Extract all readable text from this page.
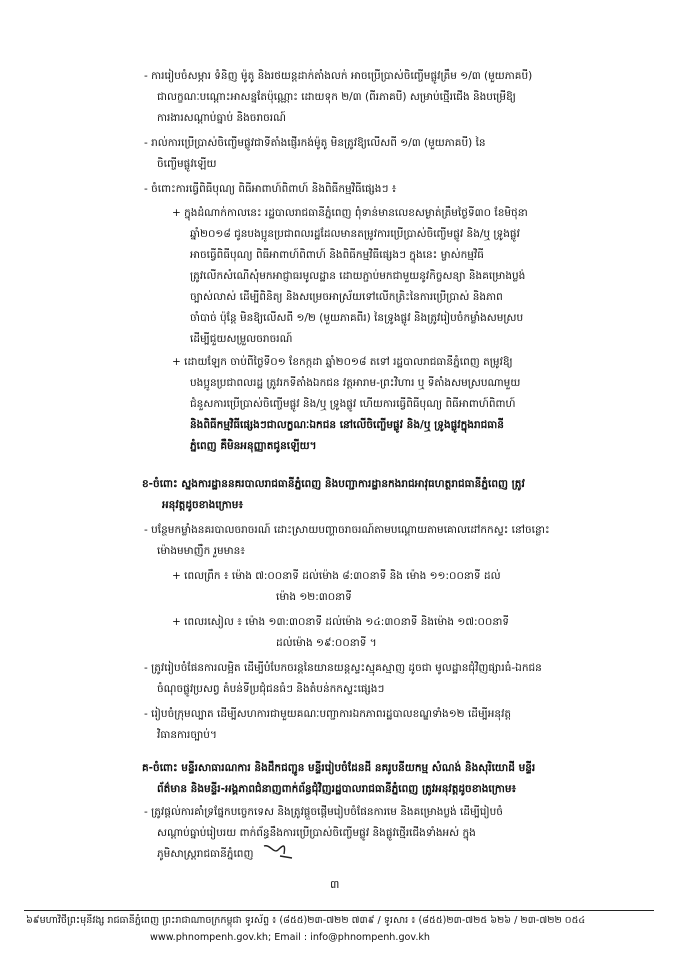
- ការរៀបចំសម្ភារ ទំនិញ ម៉ូតូ និងរថយន្តដាក់តាំងលក់ អាចប្រើប្រាស់ចិញ្ចើមផ្លូវត្រឹម ១/៣ (មួយភាគបី)
ជាលក្ខណៈបណ្ដោះអាសន្នតែប៉ុណ្ណោះ ដោយទុក ២/៣ (ពីរភាគបី) សម្រាប់ថ្មើរជើង និងបម្រើឱ្យ
ការងារសណ្ដាប់ធ្នាប់ និងចរាចរណ៍
- រាល់ការប្រើប្រាស់ចិញ្ចើមផ្លូវជាទីតាំងផ្ញើរកង់ម៉ូតូ មិនត្រូវឱ្យលើសពី ១/៣ (មួយភាគបី) នៃ
ចិញ្ចើមផ្លូវឡើយ
- ចំពោះការធ្វើពិធីបុណ្យ ពិធីអាពាហ៍ពិពាហ៍ និងពិធីកម្មវិធីផ្សេងៗ ៖
+ ក្នុងដំណាក់កាលនេះ រដ្ឋបាលរាជធានីភ្នំពេញ ពុំទាន់មានលេខសម្ងាត់ត្រឹមថ្ងៃទី៣០ ខែមិថុនា
ឆ្នាំ២០១៨ ជូនបងប្អូនប្រជាពលរដ្ឋដែលមានតម្រូវការប្រើប្រាស់ចិញ្ចើមផ្លូវ និង/ឬ ទ្រូងផ្លូវ
អាចធ្វើពិធីបុណ្យ ពិធីអាពាហ៍ពិពាហ៍ និងពិធីកម្មវិធីផ្សេងៗ ក្នុងនេះ ម្ចាស់កម្មវិធី
ត្រូវលើកសំណើសុំមកអាជ្ញាធរមូលដ្ឋាន ដោយភ្ជាប់មកជាមួយនូវកិច្ចសន្យា និងគម្រោងប្លង់
ច្បាស់លាស់ ដើម្បីពិនិត្យ និងសម្រេចអាស្រ័យទៅលើកត្រិះនៃការប្រើប្រាស់ និងភាព
ចាំបាច់ ប៉ុន្តែ មិនឱ្យលើសពី ១/២ (មួយភាគពីរ) នៃទ្រូងផ្លូវ និងត្រូវរៀបចំកម្លាំងសមស្រប
ដើម្បីជួយសម្រួលចរាចរណ៍
+ ដោយឡែក ចាប់ពីថ្ងៃទី០១ ខែកក្កដា ឆ្នាំ២០១៨ តទៅ រដ្ឋបាលរាជធានីភ្នំពេញ តម្រូវឱ្យ
បងប្អូនប្រជាពលរដ្ឋ ត្រូវរកទីតាំងឯកជន វត្តអារាម-ព្រះវិហារ ឬ ទីតាំងសមស្របណាមួយ
ជំនួសការប្រើប្រាស់ចិញ្ចើមផ្លូវ និង/ឬ ទ្រូងផ្លូវ ហើយការធ្វើពិធីបុណ្យ ពិធីអាពាហ៍ពិពាហ៍
និងពិធីកម្មវិធីផ្សេងៗជាលក្ខណៈឯកជន នៅលើចិញ្ចើមផ្លូវ និង/ឬ ទ្រូងផ្លូវក្នុងរាជធានី
ភ្នំពេញ គឺមិនអនុញ្ញាតជូនឡើយ។
ខ-ចំពោះ ស្នងការដ្ឋាននគរបាលរាជធានីភ្នំពេញ និងបញ្ជាការដ្ឋានកងរាជអាវុធហត្ថរាជធានីភ្នំពេញ ត្រូវ
អនុវត្តដូចខាងក្រោម៖
- បន្ថែមកម្លាំងនគរបាលចរាចរណ៍ ដោះស្រាយបញ្ហាចរាចរណ៍តាមបណ្ដោយតាមគោលដៅកកស្ទះ នៅចន្លោះ
ម៉ោងមមាញឹក រួមមាន៖
+ ពេលព្រឹក ៖ ម៉ោង ៧:០០នាទី ដល់ម៉ោង ៨:៣០នាទី និង ម៉ោង ១១:០០នាទី ដល់
ម៉ោង ១២:៣០នាទី
+ ពេលរសៀល ៖ ម៉ោង ១៣:៣០នាទី ដល់ម៉ោង ១៤:៣០នាទី និងម៉ោង ១៧:០០នាទី
ដល់ម៉ោង ១៩:០០នាទី ។
- ត្រូវរៀបចំផែនការលម្អិត ដើម្បីបំបែកចរន្តនៃយានយន្តស្ទះស្មុគស្មាញ ដូចជា មូលដ្ឋានជុំវិញផ្សារធំ-ឯកជន
ចំណុចផ្លូវប្រសព្វ តំបន់ទីប្រជុំជនធំៗ និងតំបន់កកស្ទះផ្សេងៗ
- រៀបចំក្រុមល្បាត ដើម្បីសហការជាមួយគណៈបញ្ជាការឯកភាពរដ្ឋបាលខណ្ឌទាំង១២ ដើម្បីអនុវត្ត
វិធានការច្បាប់។
គ-ចំពោះ មន្ទីរសាធារណការ និងដឹកជញ្ជូន មន្ទីររៀបចំដែនដី នគរូបនីយកម្ម សំណង់ និងសុរិយោដី មន្ទីរ
ព័ត៌មាន និងមន្ទីរ-អង្គភាពជំនាញពាក់ព័ន្ធជុំវិញរដ្ឋបាលរាជធានីភ្នំពេញ ត្រូវអនុវត្តដូចខាងក្រោម៖
- ត្រូវផ្ដល់ការគាំទ្រផ្នែកបច្ចេកទេស និងត្រូវផ្ដួចផ្ដើមរៀបចំផែនការមេ និងគម្រោងប្លង់ ដើម្បីរៀបចំ
សណ្ដាប់ធ្នាប់រៀបរយ ពាក់ព័ន្ធនឹងការប្រើប្រាស់ចិញ្ចើមផ្លូវ និងផ្លូវថ្មើរជើងទាំងអស់ ក្នុង
ភូមិសាស្ត្ររាជធានីភ្នំពេញ
៣
៦៩មហាវិថីព្រះមុនីវង្ស រាជធានីភ្នំពេញ ព្រះរាជាណាចក្រកម្ពុជា ទូរស័ព្ទ ៖ (៨៥៥)២៣-៧២២ ៧៣៩ / ទូរសារ ៖ (៨៥៥)២៣-៧២៥ ៦២៦ / ២៣-៧២២ ០៥៤
www.phnompenh.gov.kh; Email : info@phnompenh.gov.kh
